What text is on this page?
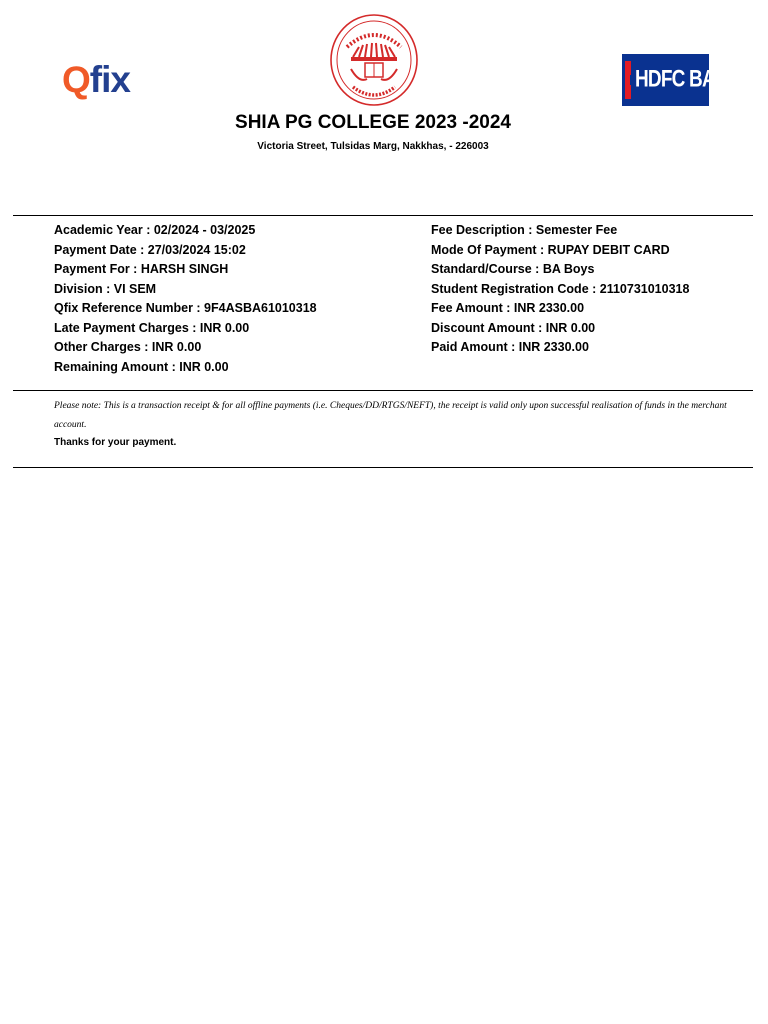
Qfix	HDFC BANK
SHIA PG COLLEGE 2023 -2024
Victoria Street, Tulsidas Marg, Nakkhas, - 226003
Academic Year : 02/2024 - 03/2025
Payment Date : 27/03/2024 15:02
Payment For : HARSH SINGH
Division : VI SEM
Qfix Reference Number : 9F4ASBA61010318
Late Payment Charges : INR 0.00
Other Charges : INR 0.00
Remaining Amount : INR 0.00
Fee Description : Semester Fee
Mode Of Payment : RUPAY DEBIT CARD
Standard/Course : BA Boys
Student Registration Code : 2110731010318
Fee Amount : INR 2330.00
Discount Amount : INR 0.00
Paid Amount : INR 2330.00
Please note: This is a transaction receipt & for all offline payments (i.e. Cheques/DD/RTGS/NEFT), the receipt is valid only upon successful realisation of funds in the merchant account.
Thanks for your payment.
